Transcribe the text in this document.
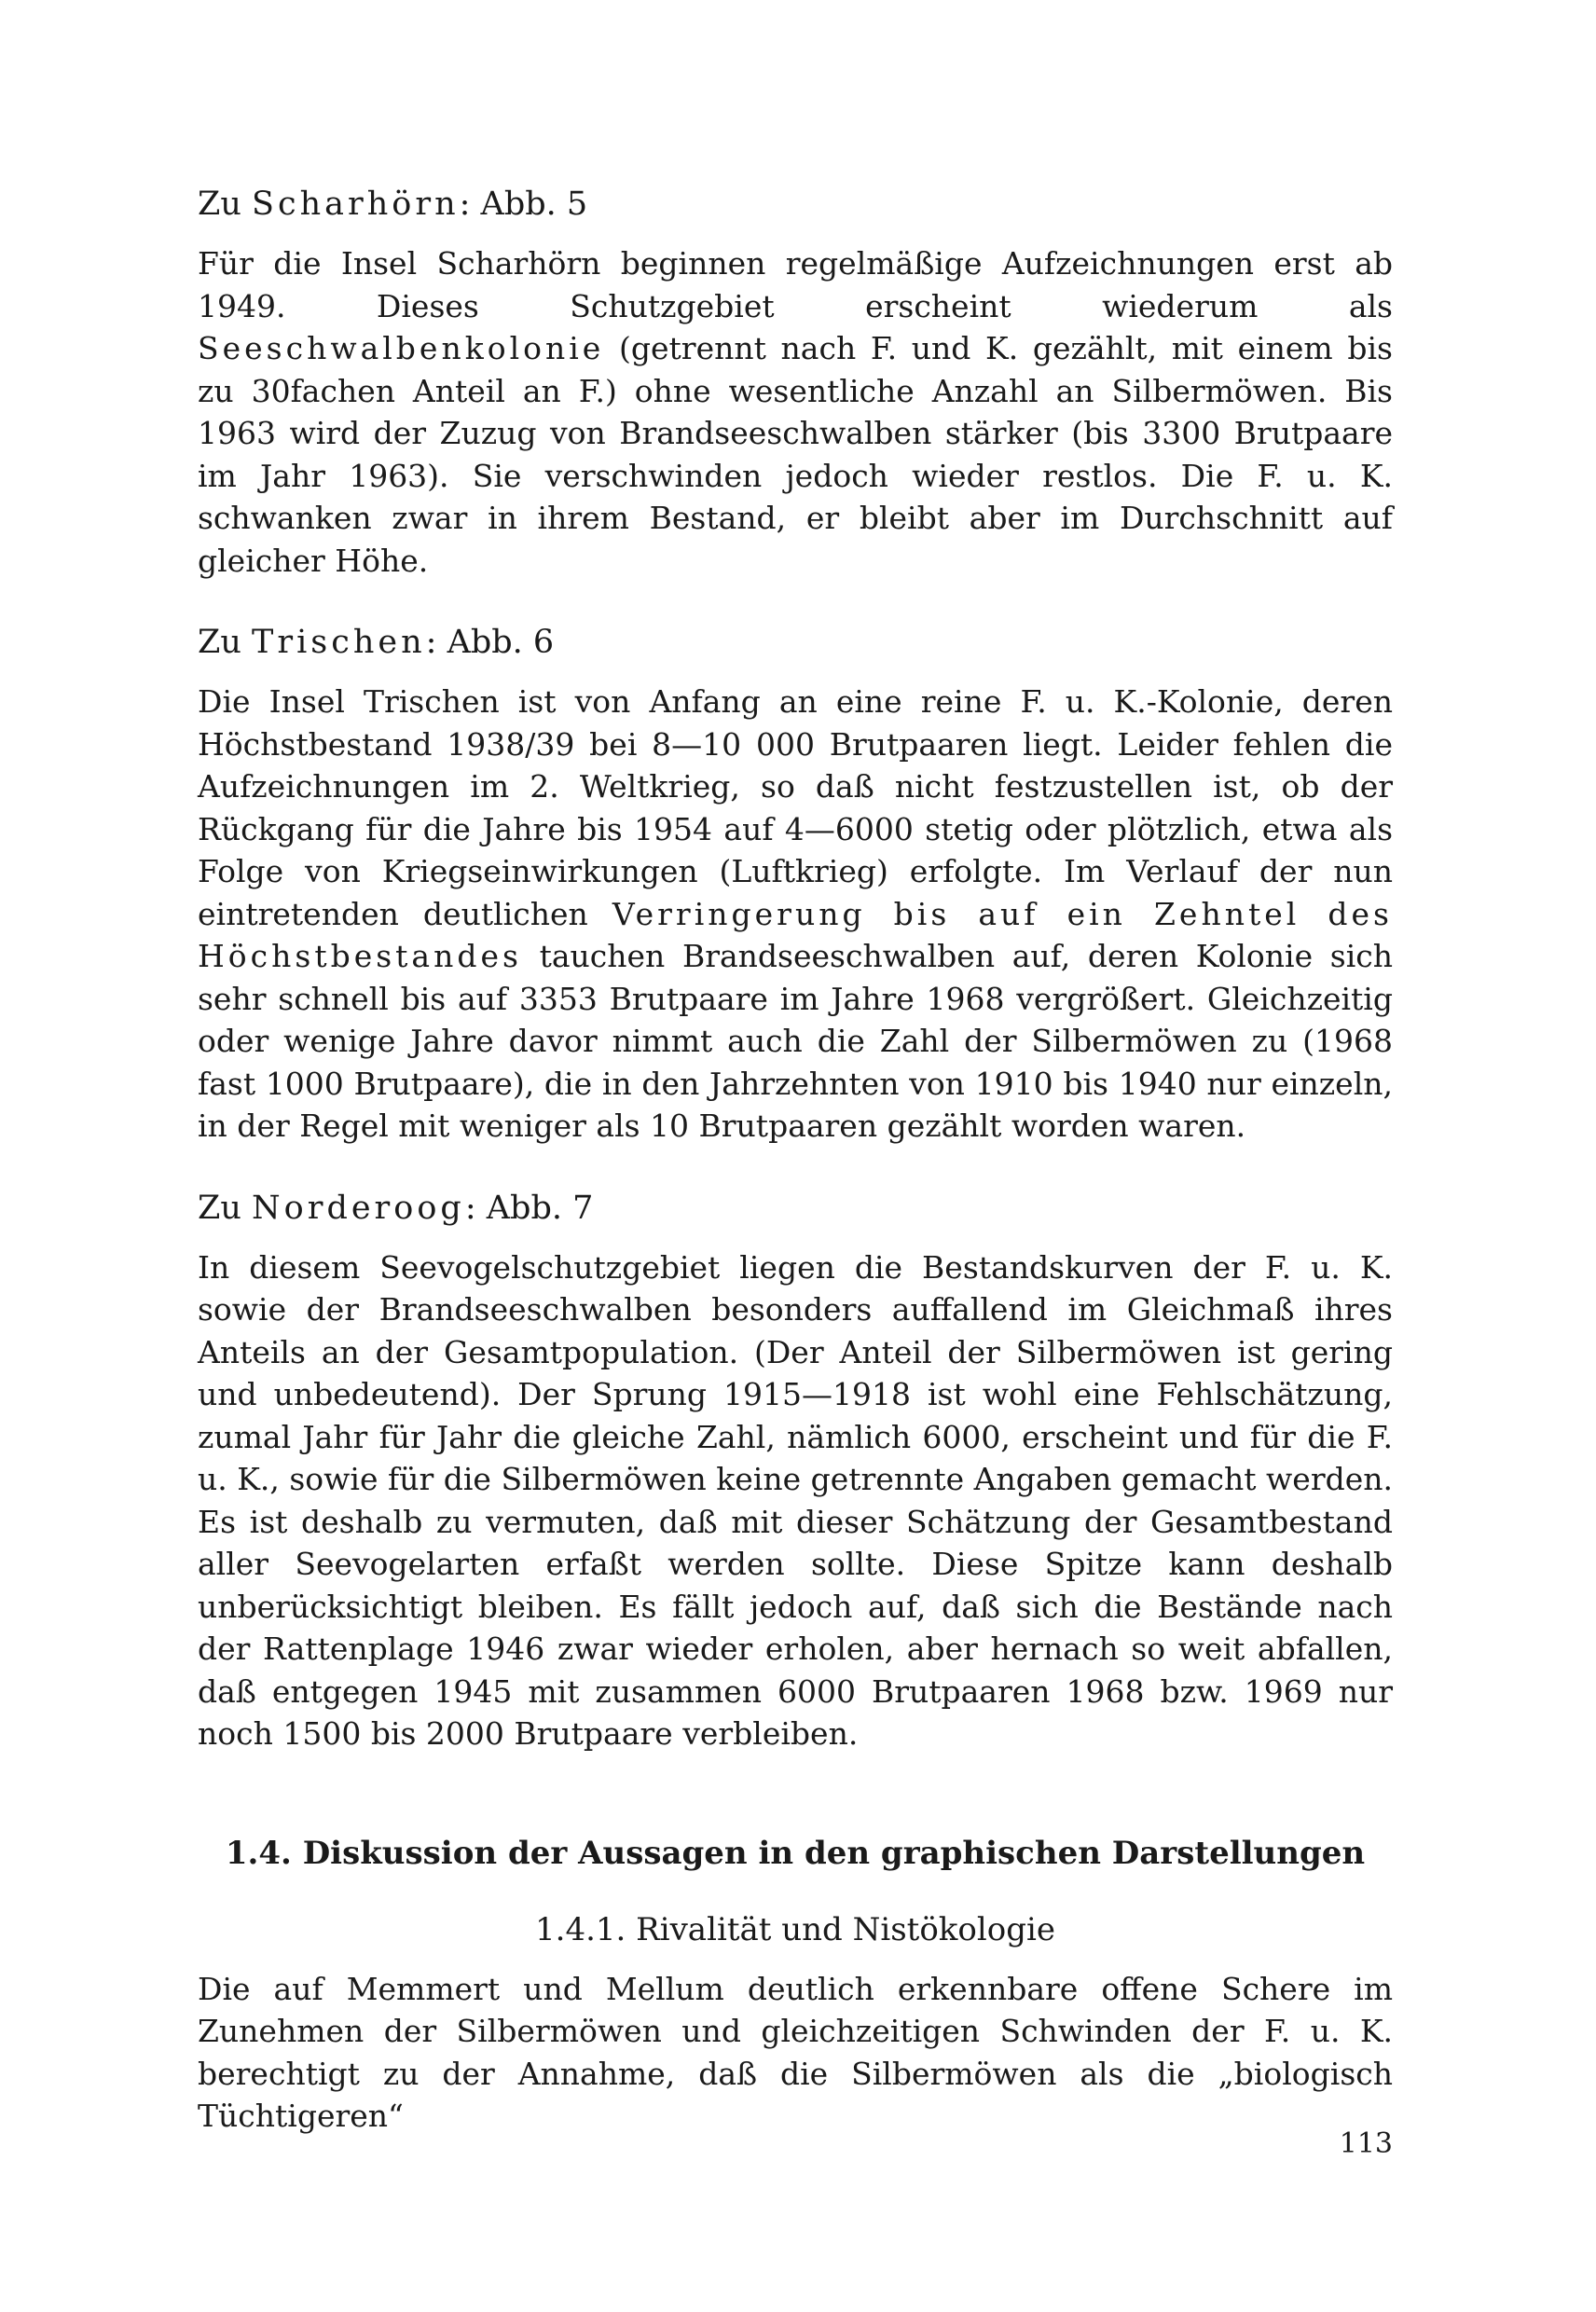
Zu Scharhörn: Abb. 5

Für die Insel Scharhörn beginnen regelmäßige Aufzeichnungen erst ab 1949. Dieses Schutzgebiet erscheint wiederum als Seeschwalbenkolonie (getrennt nach F. und K. gezählt, mit einem bis zu 30fachen Anteil an F.) ohne wesentliche Anzahl an Silbermöwen. Bis 1963 wird der Zuzug von Brandseeschwalben stärker (bis 3300 Brutpaare im Jahr 1963). Sie verschwinden jedoch wieder restlos. Die F. u. K. schwanken zwar in ihrem Bestand, er bleibt aber im Durchschnitt auf gleicher Höhe.

Zu Trischen: Abb. 6

Die Insel Trischen ist von Anfang an eine reine F. u. K.-Kolonie, deren Höchstbestand 1938/39 bei 8—10 000 Brutpaaren liegt. Leider fehlen die Aufzeichnungen im 2. Weltkrieg, so daß nicht festzustellen ist, ob der Rückgang für die Jahre bis 1954 auf 4—6000 stetig oder plötzlich, etwa als Folge von Kriegseinwirkungen (Luftkrieg) erfolgte. Im Verlauf der nun eintretenden deutlichen Verringerung bis auf ein Zehntel des Höchstbestandes tauchen Brandseeschwalben auf, deren Kolonie sich sehr schnell bis auf 3353 Brutpaare im Jahre 1968 vergrößert. Gleichzeitig oder wenige Jahre davor nimmt auch die Zahl der Silbermöwen zu (1968 fast 1000 Brutpaare), die in den Jahrzehnten von 1910 bis 1940 nur einzeln, in der Regel mit weniger als 10 Brutpaaren gezählt worden waren.

Zu Norderoog: Abb. 7

In diesem Seevogelschutzgebiet liegen die Bestandskurven der F. u. K. sowie der Brandseeschwalben besonders auffallend im Gleichmaß ihres Anteils an der Gesamtpopulation. (Der Anteil der Silbermöwen ist gering und unbedeutend). Der Sprung 1915—1918 ist wohl eine Fehlschätzung, zumal Jahr für Jahr die gleiche Zahl, nämlich 6000, erscheint und für die F. u. K., sowie für die Silbermöwen keine getrennte Angaben gemacht werden. Es ist deshalb zu vermuten, daß mit dieser Schätzung der Gesamtbestand aller Seevogelarten erfaßt werden sollte. Diese Spitze kann deshalb unberücksichtigt bleiben. Es fällt jedoch auf, daß sich die Bestände nach der Rattenplage 1946 zwar wieder erholen, aber hernach so weit abfallen, daß entgegen 1945 mit zusammen 6000 Brutpaaren 1968 bzw. 1969 nur noch 1500 bis 2000 Brutpaare verbleiben.

1.4. Diskussion der Aussagen in den graphischen Darstellungen

1.4.1. Rivalität und Nistökologie

Die auf Memmert und Mellum deutlich erkennbare offene Schere im Zunehmen der Silbermöwen und gleichzeitigen Schwinden der F. u. K. berechtigt zu der Annahme, daß die Silbermöwen als die „biologisch Tüchtigeren“

113
